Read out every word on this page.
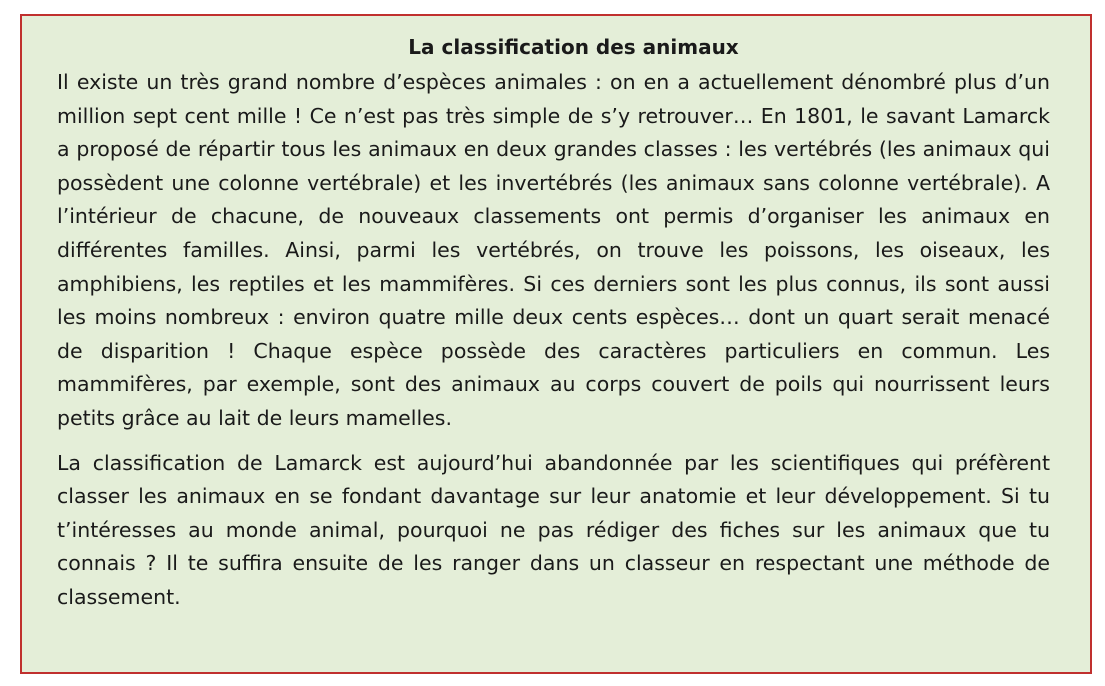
La classification des animaux

Il existe un très grand nombre d’espèces animales : on en a actuellement dénombré plus d’un million sept cent mille ! Ce n’est pas très simple de s’y retrouver… En 1801, le savant Lamarck a proposé de répartir tous les animaux en deux grandes classes : les vertébrés (les animaux qui possèdent une colonne vertébrale) et les invertébrés (les animaux sans colonne vertébrale). A l’intérieur de chacune, de nouveaux classements ont permis d’organiser les animaux en différentes familles. Ainsi, parmi les vertébrés, on trouve les poissons, les oiseaux, les amphibiens, les reptiles et les mammifères. Si ces derniers sont les plus connus, ils sont aussi les moins nombreux : environ quatre mille deux cents espèces… dont un quart serait menacé de disparition ! Chaque espèce possède des caractères particuliers en commun. Les mammifères, par exemple, sont des animaux au corps couvert de poils qui nourrissent leurs petits grâce au lait de leurs mamelles.

La classification de Lamarck est aujourd’hui abandonnée par les scientifiques qui préfèrent classer les animaux en se fondant davantage sur leur anatomie et leur développement. Si tu t’intéresses au monde animal, pourquoi ne pas rédiger des fiches sur les animaux que tu connais ? Il te suffira ensuite de les ranger dans un classeur en respectant une méthode de classement.
